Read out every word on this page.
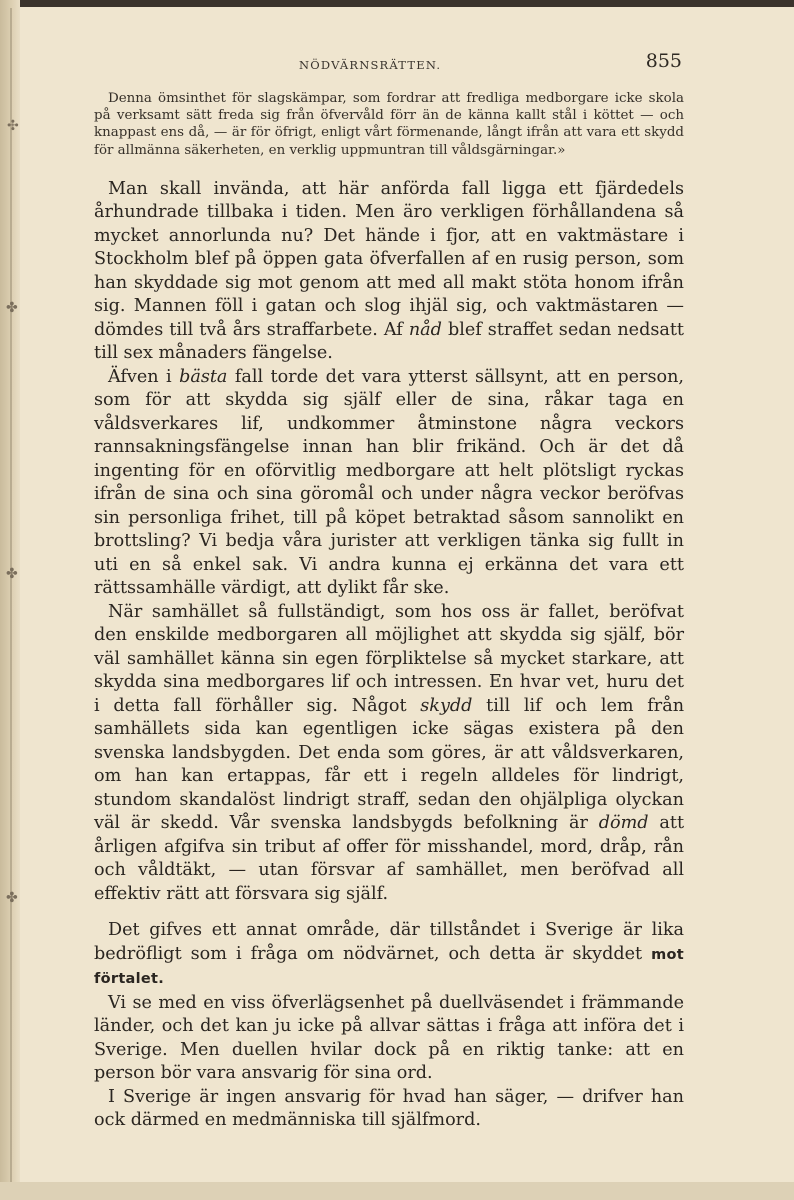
✣
✤
✤
✤
NÖDVÄRNSRÄTTEN.	855

Denna ömsinthet för slagskämpar, som fordrar att fredliga medborgare icke skola på verksamt sätt freda sig från öfvervåld förr än de känna kallt stål i köttet — och knappast ens då, — är för öfrigt, enligt vårt förmenande, långt ifrån att vara ett skydd för allmänna säkerheten, en verklig uppmuntran till våldsgärningar.»

Man skall invända, att här anförda fall ligga ett fjärdedels århundrade tillbaka i tiden. Men äro verkligen förhållandena så mycket annorlunda nu? Det hände i fjor, att en vaktmästare i Stockholm blef på öppen gata öfverfallen af en rusig person, som han skyddade sig mot genom att med all makt stöta honom ifrån sig. Mannen föll i gatan och slog ihjäl sig, och vaktmästaren — dömdes till två års straffarbete. Af nåd blef straffet sedan nedsatt till sex månaders fängelse.

Äfven i bästa fall torde det vara ytterst sällsynt, att en person, som för att skydda sig själf eller de sina, råkar taga en våldsverkares lif, undkommer åtminstone några veckors rannsakningsfängelse innan han blir frikänd. Och är det då ingenting för en oförvitlig medborgare att helt plötsligt ryckas ifrån de sina och sina göromål och under några veckor beröfvas sin personliga frihet, till på köpet betraktad såsom sannolikt en brottsling? Vi bedja våra jurister att verkligen tänka sig fullt in uti en så enkel sak. Vi andra kunna ej erkänna det vara ett rättssamhälle värdigt, att dylikt får ske.

När samhället så fullständigt, som hos oss är fallet, beröfvat den enskilde medborgaren all möjlighet att skydda sig själf, bör väl samhället känna sin egen förpliktelse så mycket starkare, att skydda sina medborgares lif och intressen. En hvar vet, huru det i detta fall förhåller sig. Något skydd till lif och lem från samhällets sida kan egentligen icke sägas existera på den svenska landsbygden. Det enda som göres, är att våldsverkaren, om han kan ertappas, får ett i regeln alldeles för lindrigt, stundom skandalöst lindrigt straff, sedan den ohjälpliga olyckan väl är skedd. Vår svenska landsbygds befolkning är dömd att årligen afgifva sin tribut af offer för misshandel, mord, dråp, rån och våldtäkt, — utan försvar af samhället, men beröfvad all effektiv rätt att försvara sig själf.

Det gifves ett annat område, där tillståndet i Sverige är lika bedröfligt som i fråga om nödvärnet, och detta är skyddet mot förtalet.

Vi se med en viss öfverlägsenhet på duellväsendet i främmande länder, och det kan ju icke på allvar sättas i fråga att införa det i Sverige. Men duellen hvilar dock på en riktig tanke: att en person bör vara ansvarig för sina ord.

I Sverige är ingen ansvarig för hvad han säger, — drifver han ock därmed en medmänniska till själfmord.
